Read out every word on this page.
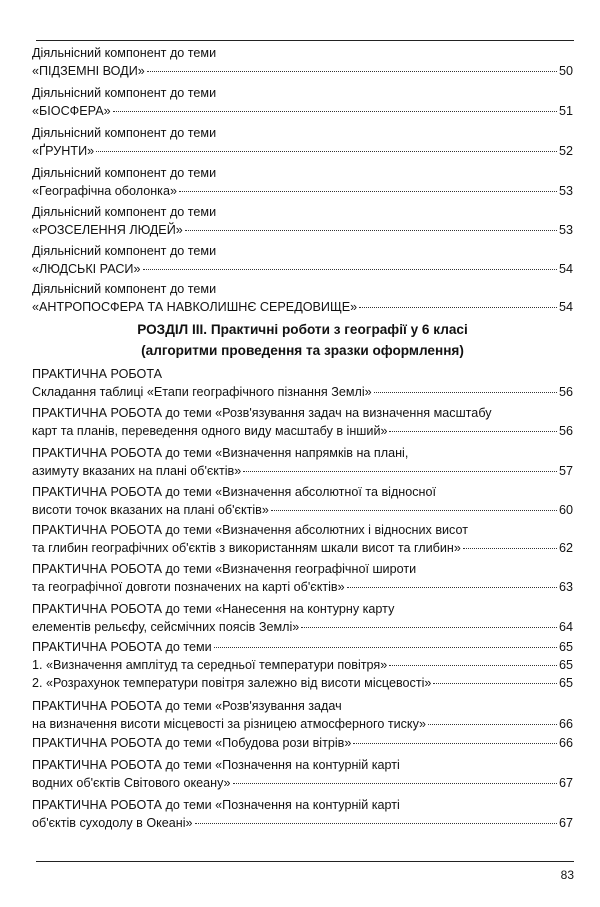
Діяльнісний компонент до теми
«ПІДЗЕМНІ ВОДИ»	50
Діяльнісний компонент до теми
«БІОСФЕРА»	51
Діяльнісний компонент до теми
«ҐРУНТИ»	52
Діяльнісний компонент до теми
«Географічна оболонка»	53
Діяльнісний компонент до теми
«РОЗСЕЛЕННЯ ЛЮДЕЙ»	53
Діяльнісний компонент до теми
«ЛЮДСЬКІ РАСИ»	54
Діяльнісний компонент до теми
«АНТРОПОСФЕРА ТА НАВКОЛИШНЄ СЕРЕДОВИЩЕ»	54
РОЗДІЛ III. Практичні роботи з географії у 6 класі
(алгоритми проведення та зразки оформлення)
ПРАКТИЧНА РОБОТА
Складання таблиці «Етапи географічного пізнання Землі»	56
ПРАКТИЧНА РОБОТА до теми «Розв'язування задач на визначення масштабу
карт та планів, переведення одного виду масштабу в інший»	56
ПРАКТИЧНА РОБОТА до теми «Визначення напрямків на плані,
азимуту вказаних на плані об'єктів»	57
ПРАКТИЧНА РОБОТА до теми «Визначення абсолютної та відносної
висоти точок вказаних на плані об'єктів»	60
ПРАКТИЧНА РОБОТА до теми «Визначення абсолютних і відносних висот
та глибин географічних об'єктів з використанням шкали висот та глибин»	62
ПРАКТИЧНА РОБОТА до теми «Визначення географічної широти
та географічної довготи позначених на карті об'єктів»	63
ПРАКТИЧНА РОБОТА до теми «Нанесення на контурну карту
елементів рельєфу, сейсмічних поясів Землі»	64
ПРАКТИЧНА РОБОТА до теми	65
1. «Визначення амплітуд та середньої температури повітря»	65
2. «Розрахунок температури повітря залежно від висоти місцевості»	65
ПРАКТИЧНА РОБОТА до теми «Розв'язування задач
на визначення висоти місцевості за різницею атмосферного тиску»	66
ПРАКТИЧНА РОБОТА до теми «Побудова рози вітрів»	66
ПРАКТИЧНА РОБОТА до теми «Позначення на контурній карті
водних об'єктів Світового океану»	67
ПРАКТИЧНА РОБОТА до теми «Позначення на контурній карті
об'єктів суходолу в Океані»	67
83
